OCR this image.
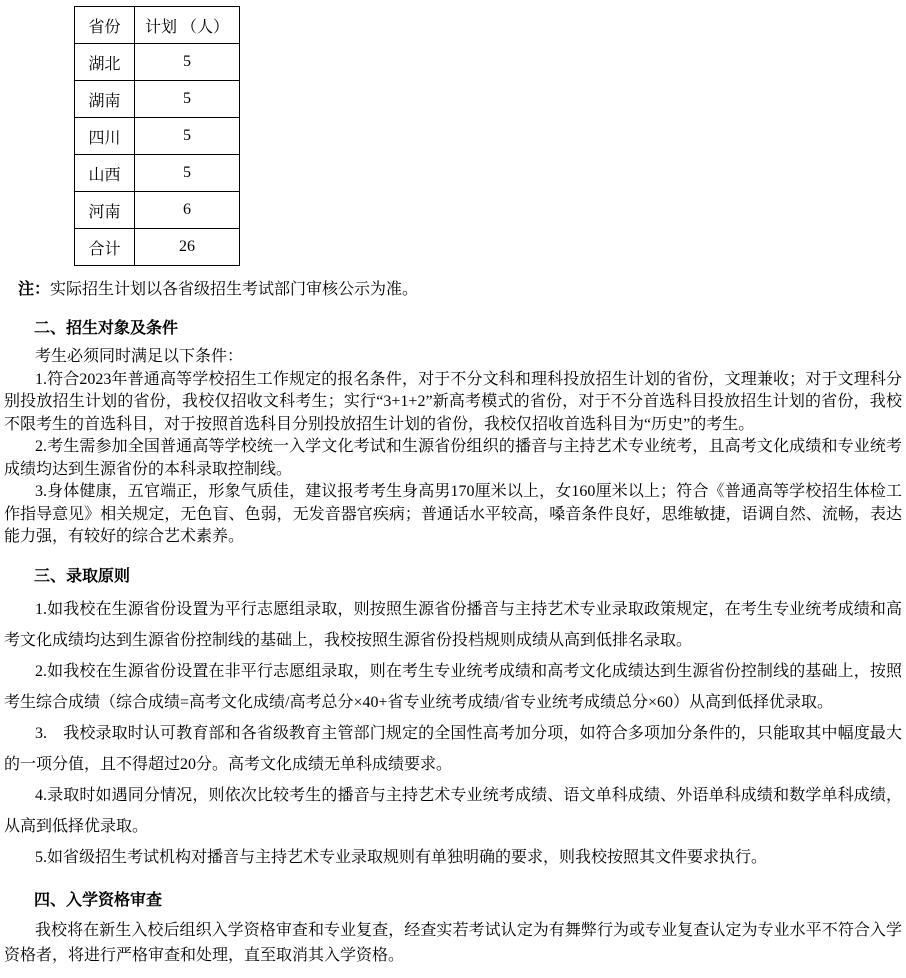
省份	计划 （人）
湖北	5
湖南	5
四川	5
山西	5
河南	6
合计	26
注：实际招生计划以各省级招生考试部门审核公示为准。
二、招生对象及条件

考生必须同时满足以下条件：

1.符合2023年普通高等学校招生工作规定的报名条件，对于不分文科和理科投放招生计划的省份，文理兼收；对于文理科分别投放招生计划的省份，我校仅招收文科考生；实行“3+1+2”新高考模式的省份，对于不分首选科目投放招生计划的省份，我校不限考生的首选科目，对于按照首选科目分别投放招生计划的省份，我校仅招收首选科目为“历史”的考生。

2.考生需参加全国普通高等学校统一入学文化考试和生源省份组织的播音与主持艺术专业统考，且高考文化成绩和专业统考成绩均达到生源省份的本科录取控制线。

3.身体健康，五官端正，形象气质佳，建议报考考生身高男170厘米以上，女160厘米以上；符合《普通高等学校招生体检工作指导意见》相关规定，无色盲、色弱，无发音器官疾病；普通话水平较高，嗓音条件良好，思维敏捷，语调自然、流畅，表达能力强，有较好的综合艺术素养。

三、录取原则

1.如我校在生源省份设置为平行志愿组录取，则按照生源省份播音与主持艺术专业录取政策规定，在考生专业统考成绩和高考文化成绩均达到生源省份控制线的基础上，我校按照生源省份投档规则成绩从高到低排名录取。

2.如我校在生源省份设置在非平行志愿组录取，则在考生专业统考成绩和高考文化成绩达到生源省份控制线的基础上，按照考生综合成绩（综合成绩=高考文化成绩/高考总分×40+省专业统考成绩/省专业统考成绩总分×60）从高到低择优录取。

3.　我校录取时认可教育部和各省级教育主管部门规定的全国性高考加分项，如符合多项加分条件的，只能取其中幅度最大的一项分值，且不得超过20分。高考文化成绩无单科成绩要求。

4.录取时如遇同分情况，则依次比较考生的播音与主持艺术专业统考成绩、语文单科成绩、外语单科成绩和数学单科成绩，从高到低择优录取。

5.如省级招生考试机构对播音与主持艺术专业录取规则有单独明确的要求，则我校按照其文件要求执行。

四、入学资格审查

我校将在新生入校后组织入学资格审查和专业复查，经查实若考试认定为有舞弊行为或专业复查认定为专业水平不符合入学资格者，将进行严格审查和处理，直至取消其入学资格。
